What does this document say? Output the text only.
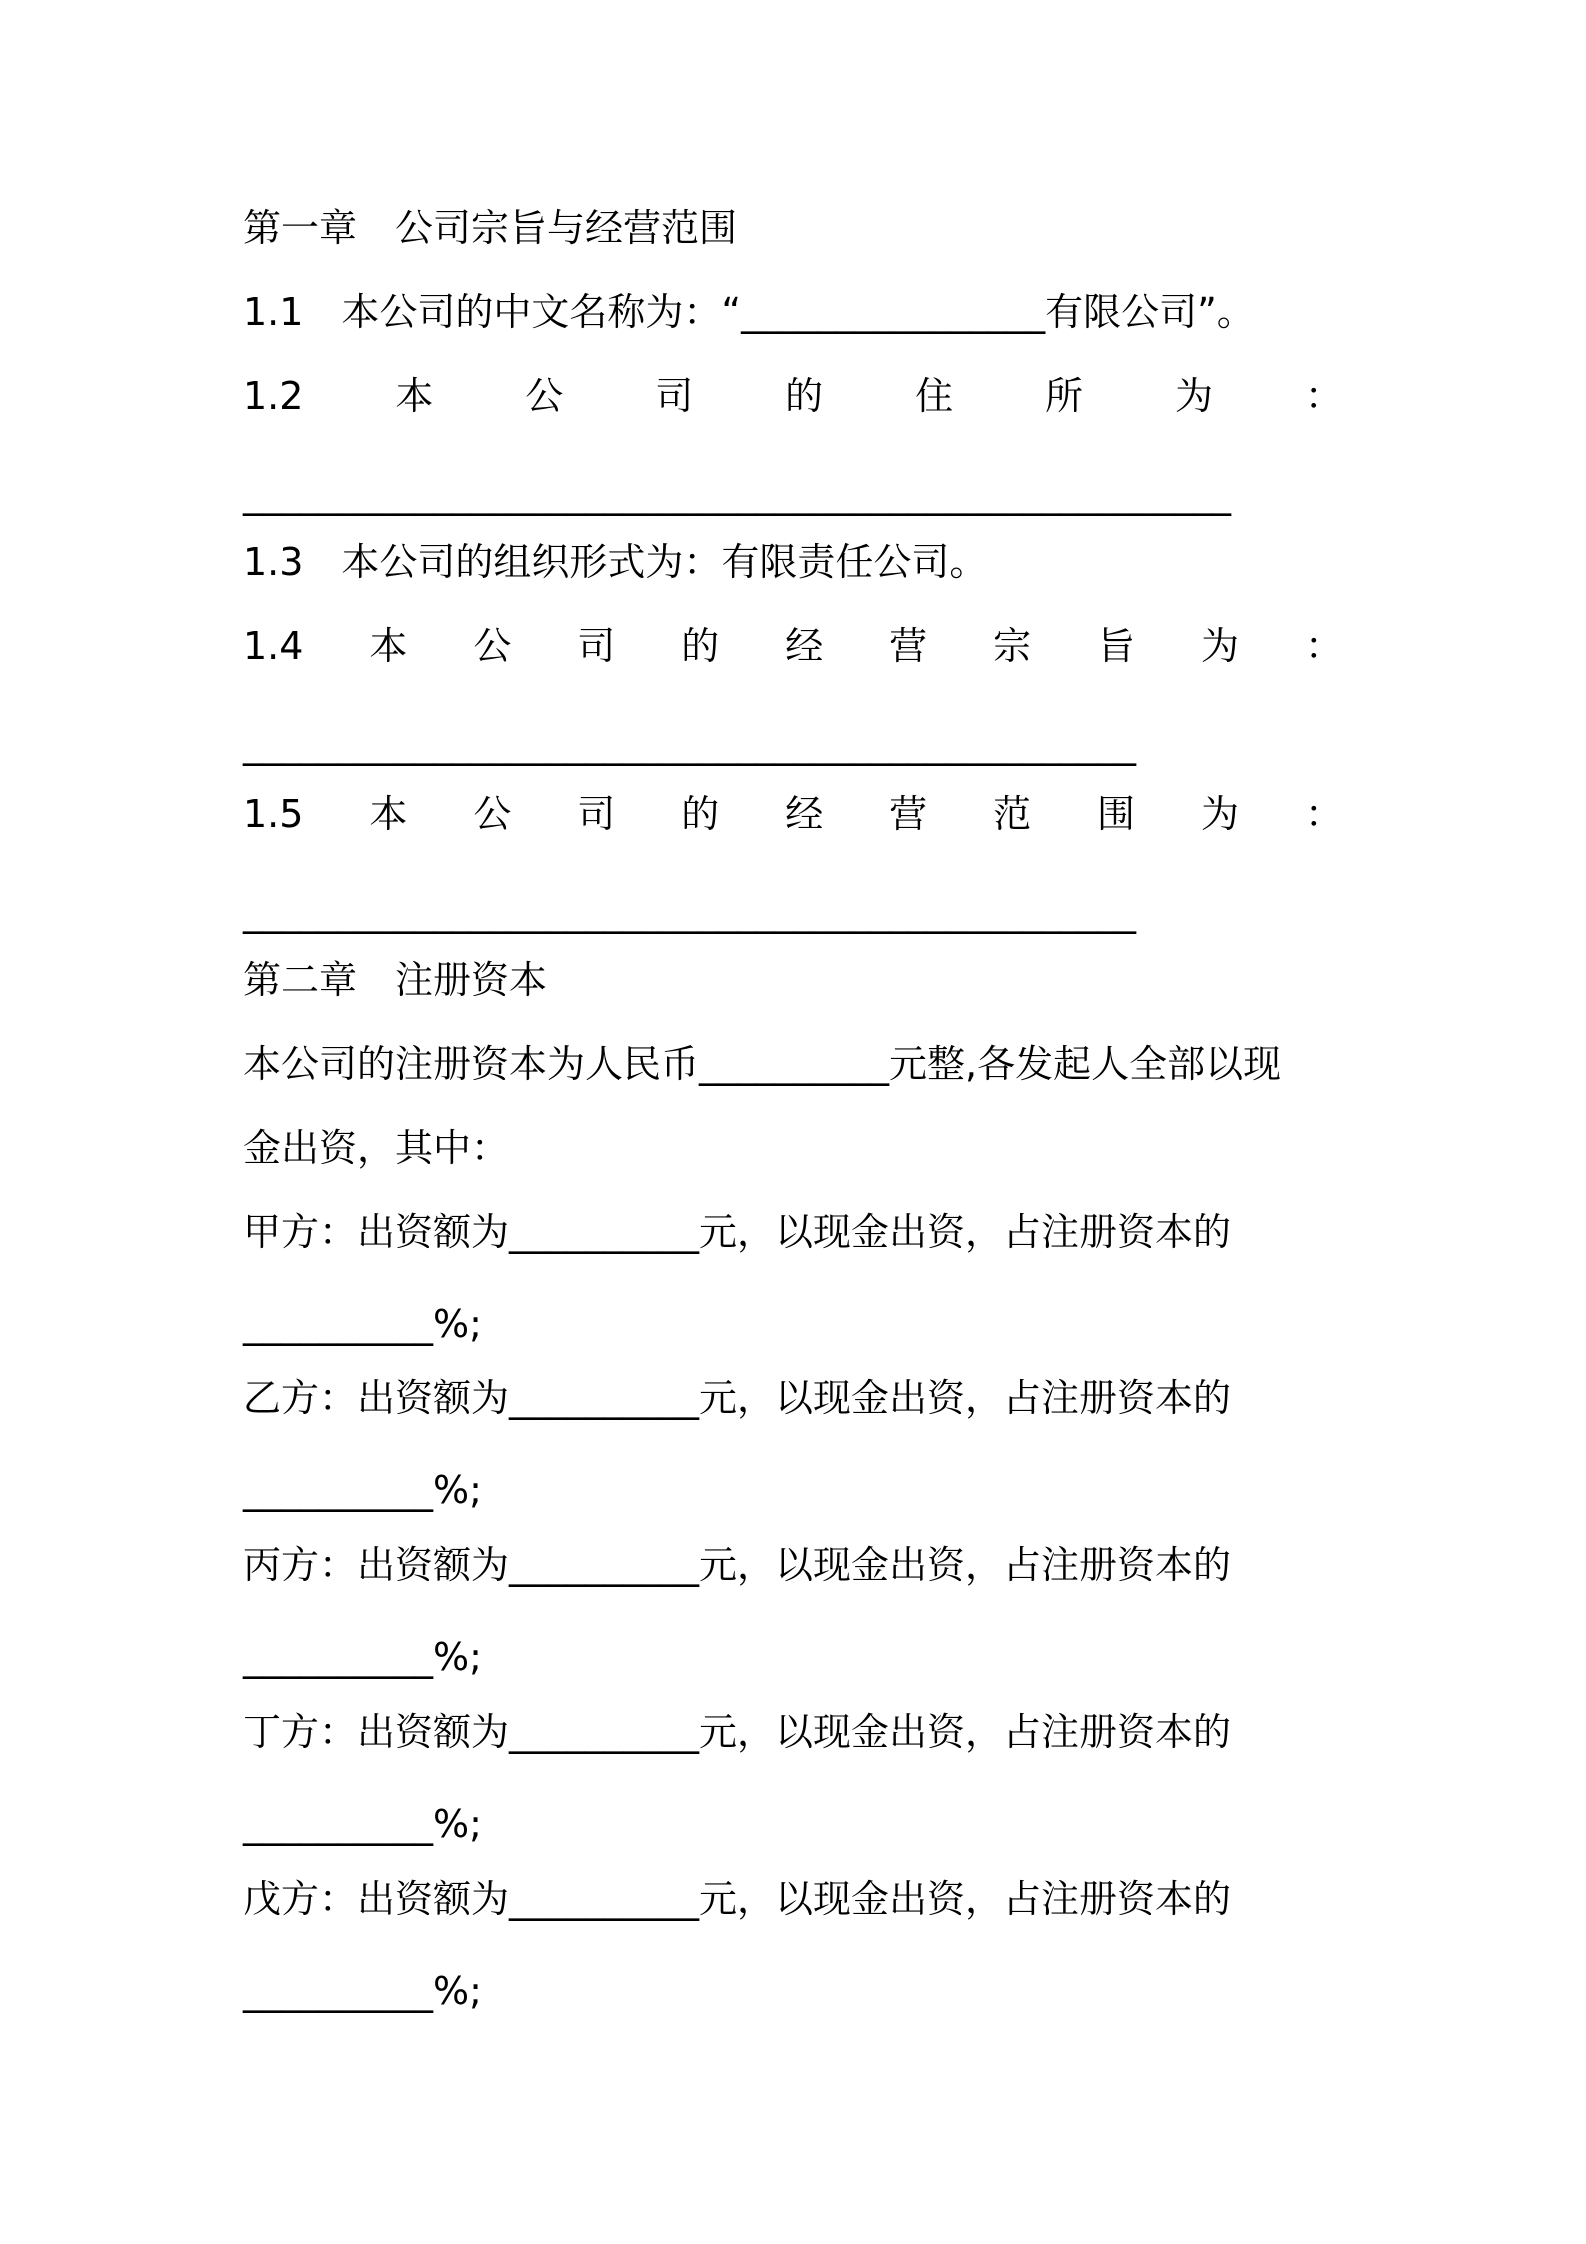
第一章　公司宗旨与经营范围
1.1　本公司的中文名称为：“________________有限公司”。
1.2 本 公 司 的 住 所 为 ：
____________________________________________________
1.3　本公司的组织形式为：有限责任公司。
1.4 本 公 司 的 经 营 宗 旨 为 ：
_______________________________________________
1.5 本 公 司 的 经 营 范 围 为 ：
_______________________________________________
第二章　注册资本
本公司的注册资本为人民币__________元整,各发起人全部以现
金出资，其中：
甲方：出资额为__________元，以现金出资，占注册资本的
__________%;
乙方：出资额为__________元，以现金出资，占注册资本的
__________%;
丙方：出资额为__________元，以现金出资，占注册资本的
__________%;
丁方：出资额为__________元，以现金出资，占注册资本的
__________%;
戊方：出资额为__________元，以现金出资，占注册资本的
__________%;
